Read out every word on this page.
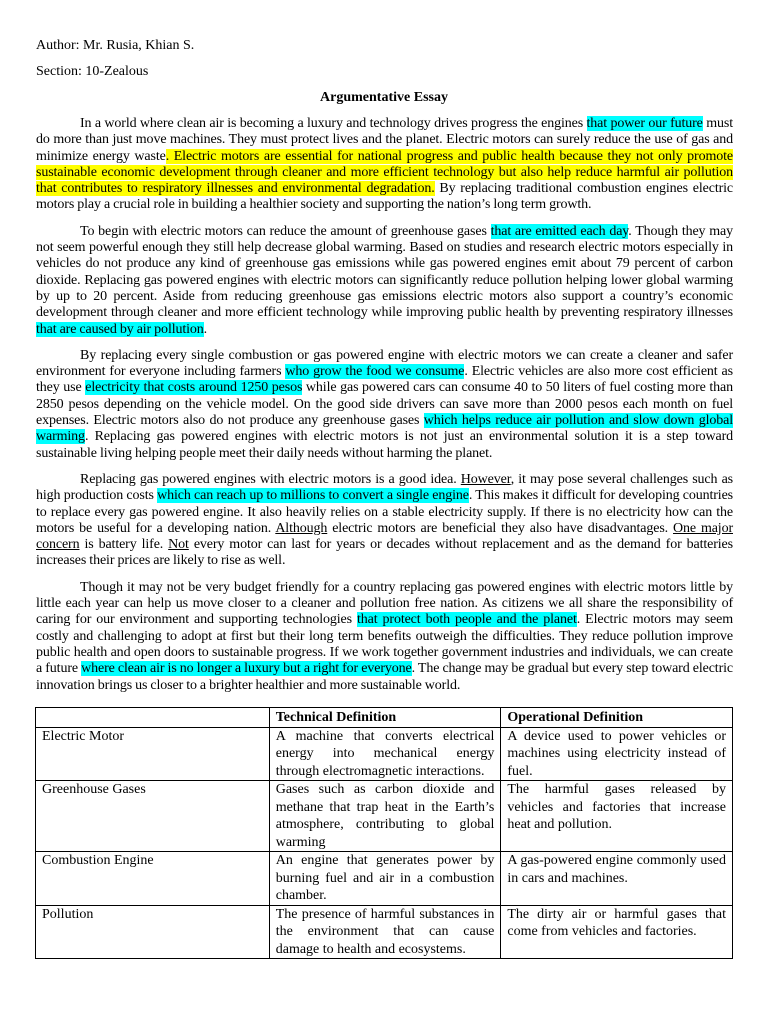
Author: Mr. Rusia, Khian S.
Section: 10-Zealous
Argumentative Essay

In a world where clean air is becoming a luxury and technology drives progress the engines that power our future must do more than just move machines. They must protect lives and the planet. Electric motors can surely reduce the use of gas and minimize energy waste. Electric motors are essential for national progress and public health because they not only promote sustainable economic development through cleaner and more efficient technology but also help reduce harmful air pollution that contributes to respiratory illnesses and environmental degradation. By replacing traditional combustion engines electric motors play a crucial role in building a healthier society and supporting the nation’s long term growth.

To begin with electric motors can reduce the amount of greenhouse gases that are emitted each day. Though they may not seem powerful enough they still help decrease global warming. Based on studies and research electric motors especially in vehicles do not produce any kind of greenhouse gas emissions while gas powered engines emit about 79 percent of carbon dioxide. Replacing gas powered engines with electric motors can significantly reduce pollution helping lower global warming by up to 20 percent. Aside from reducing greenhouse gas emissions electric motors also support a country’s economic development through cleaner and more efficient technology while improving public health by preventing respiratory illnesses that are caused by air pollution.

By replacing every single combustion or gas powered engine with electric motors we can create a cleaner and safer environment for everyone including farmers who grow the food we consume. Electric vehicles are also more cost efficient as they use electricity that costs around 1250 pesos while gas powered cars can consume 40 to 50 liters of fuel costing more than 2850 pesos depending on the vehicle model. On the good side drivers can save more than 2000 pesos each month on fuel expenses. Electric motors also do not produce any greenhouse gases which helps reduce air pollution and slow down global warming. Replacing gas powered engines with electric motors is not just an environmental solution it is a step toward sustainable living helping people meet their daily needs without harming the planet.

Replacing gas powered engines with electric motors is a good idea. However, it may pose several challenges such as high production costs which can reach up to millions to convert a single engine. This makes it difficult for developing countries to replace every gas powered engine. It also heavily relies on a stable electricity supply. If there is no electricity how can the motors be useful for a developing nation. Although electric motors are beneficial they also have disadvantages. One major concern is battery life. Not every motor can last for years or decades without replacement and as the demand for batteries increases their prices are likely to rise as well.

Though it may not be very budget friendly for a country replacing gas powered engines with electric motors little by little each year can help us move closer to a cleaner and pollution free nation. As citizens we all share the responsibility of caring for our environment and supporting technologies that protect both people and the planet. Electric motors may seem costly and challenging to adopt at first but their long term benefits outweigh the difficulties. They reduce pollution improve public health and open doors to sustainable progress. If we work together government industries and individuals, we can create a future where clean air is no longer a luxury but a right for everyone. The change may be gradual but every step toward electric innovation brings us closer to a brighter healthier and more sustainable world.

	Technical Definition	Operational Definition
Electric Motor	A machine that converts electrical energy into mechanical energy through electromagnetic interactions.	A device used to power vehicles or machines using electricity instead of fuel.
Greenhouse Gases	Gases such as carbon dioxide and methane that trap heat in the Earth’s atmosphere, contributing to global warming	The harmful gases released by vehicles and factories that increase heat and pollution.
Combustion Engine	An engine that generates power by burning fuel and air in a combustion chamber.	A gas-powered engine commonly used in cars and machines.
Pollution	The presence of harmful substances in the environment that can cause damage to health and ecosystems.	The dirty air or harmful gases that come from vehicles and factories.
